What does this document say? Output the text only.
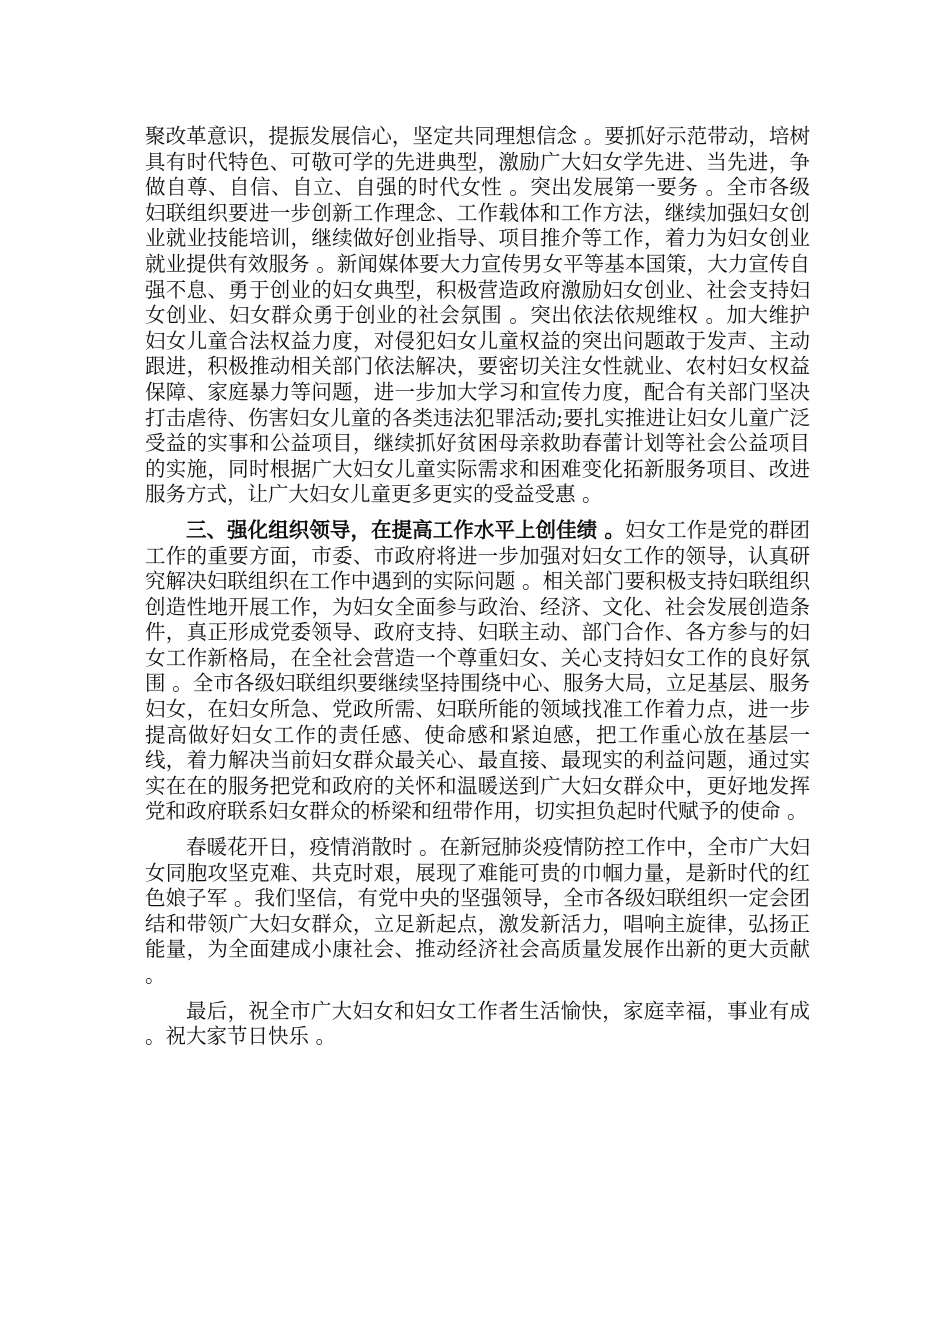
聚改革意识，提振发展信心，坚定共同理想信念 。要抓好示范带动，培树具有时代特色、可敬可学的先进典型，激励广大妇女学先进、当先进，争做自尊、自信、自立、自强的时代女性 。突出发展第一要务 。全市各级妇联组织要进一步创新工作理念、工作载体和工作方法，继续加强妇女创业就业技能培训，继续做好创业指导、项目推介等工作，着力为妇女创业就业提供有效服务 。新闻媒体要大力宣传男女平等基本国策，大力宣传自强不息、勇于创业的妇女典型，积极营造政府激励妇女创业、社会支持妇女创业、妇女群众勇于创业的社会氛围 。突出依法依规维权 。加大维护妇女儿童合法权益力度，对侵犯妇女儿童权益的突出问题敢于发声、主动跟进，积极推动相关部门依法解决，要密切关注女性就业、农村妇女权益保障、家庭暴力等问题，进一步加大学习和宣传力度，配合有关部门坚决打击虐待、伤害妇女儿童的各类违法犯罪活动;要扎实推进让妇女儿童广泛受益的实事和公益项目，继续抓好贫困母亲救助春蕾计划等社会公益项目的实施，同时根据广大妇女儿童实际需求和困难变化拓新服务项目、改进服务方式，让广大妇女儿童更多更实的受益受惠 。

三、强化组织领导，在提高工作水平上创佳绩 。妇女工作是党的群团工作的重要方面，市委、市政府将进一步加强对妇女工作的领导，认真研究解决妇联组织在工作中遇到的实际问题 。相关部门要积极支持妇联组织创造性地开展工作，为妇女全面参与政治、经济、文化、社会发展创造条件，真正形成党委领导、政府支持、妇联主动、部门合作、各方参与的妇女工作新格局，在全社会营造一个尊重妇女、关心支持妇女工作的良好氛围 。全市各级妇联组织要继续坚持围绕中心、服务大局，立足基层、服务妇女，在妇女所急、党政所需、妇联所能的领域找准工作着力点，进一步提高做好妇女工作的责任感、使命感和紧迫感，把工作重心放在基层一线，着力解决当前妇女群众最关心、最直接、最现实的利益问题，通过实实在在的服务把党和政府的关怀和温暖送到广大妇女群众中，更好地发挥党和政府联系妇女群众的桥梁和纽带作用，切实担负起时代赋予的使命 。

春暖花开日，疫情消散时 。在新冠肺炎疫情防控工作中，全市广大妇女同胞攻坚克难、共克时艰，展现了难能可贵的巾帼力量，是新时代的红色娘子军 。我们坚信，有党中央的坚强领导，全市各级妇联组织一定会团结和带领广大妇女群众，立足新起点，激发新活力，唱响主旋律，弘扬正能量，为全面建成小康社会、推动经济社会高质量发展作出新的更大贡献 。

最后，祝全市广大妇女和妇女工作者生活愉快，家庭幸福，事业有成 。祝大家节日快乐 。
